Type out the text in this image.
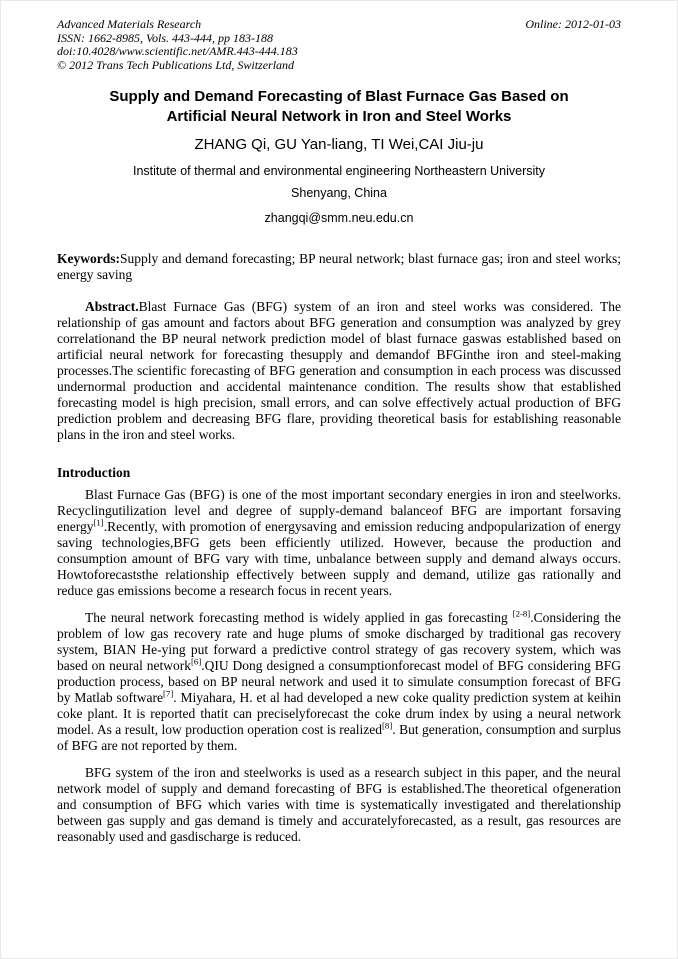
Advanced Materials Research	Online: 2012-01-03
ISSN: 1662-8985, Vols. 443-444, pp 183-188
doi:10.4028/www.scientific.net/AMR.443-444.183
© 2012 Trans Tech Publications Ltd, Switzerland
Supply and Demand Forecasting of Blast Furnace Gas Based on Artificial Neural Network in Iron and Steel Works
ZHANG Qi, GU Yan-liang, TI Wei,CAI Jiu-ju
Institute of thermal and environmental engineering Northeastern University
Shenyang, China
zhangqi@smm.neu.edu.cn

Keywords:Supply and demand forecasting; BP neural network; blast furnace gas; iron and steel works; energy saving

Abstract.Blast Furnace Gas (BFG) system of an iron and steel works was considered. The relationship of gas amount and factors about BFG generation and consumption was analyzed by grey correlationand the BP neural network prediction model of blast furnace gaswas established based on artificial neural network for forecasting thesupply and demandof BFGinthe iron and steel-making processes.The scientific forecasting of BFG generation and consumption in each process was discussed undernormal production and accidental maintenance condition. The results show that established forecasting model is high precision, small errors, and can solve effectively actual production of BFG prediction problem and decreasing BFG flare, providing theoretical basis for establishing reasonable plans in the iron and steel works.

Introduction

Blast Furnace Gas (BFG) is one of the most important secondary energies in iron and steelworks. Recyclingutilization level and degree of supply-demand balanceof BFG are important forsaving energy[1].Recently, with promotion of energysaving and emission reducing andpopularization of energy saving technologies,BFG gets been efficiently utilized. However, because the production and consumption amount of BFG vary with time, unbalance between supply and demand always occurs. Howtoforecaststhe relationship effectively between supply and demand, utilize gas rationally and reduce gas emissions become a research focus in recent years.

The neural network forecasting method is widely applied in gas forecasting [2-8].Considering the problem of low gas recovery rate and huge plums of smoke discharged by traditional gas recovery system, BIAN He-ying put forward a predictive control strategy of gas recovery system, which was based on neural network[6].QIU Dong designed a consumptionforecast model of BFG considering BFG production process, based on BP neural network and used it to simulate consumption forecast of BFG by Matlab software[7]. Miyahara, H. et al had developed a new coke quality prediction system at keihin coke plant. It is reported thatit can preciselyforecast the coke drum index by using a neural network model. As a result, low production operation cost is realized[8]. But generation, consumption and surplus of BFG are not reported by them.

BFG system of the iron and steelworks is used as a research subject in this paper, and the neural network model of supply and demand forecasting of BFG is established.The theoretical ofgeneration and consumption of BFG which varies with time is systematically investigated and therelationship between gas supply and gas demand is timely and accuratelyforecasted, as a result, gas resources are reasonably used and gasdischarge is reduced.
